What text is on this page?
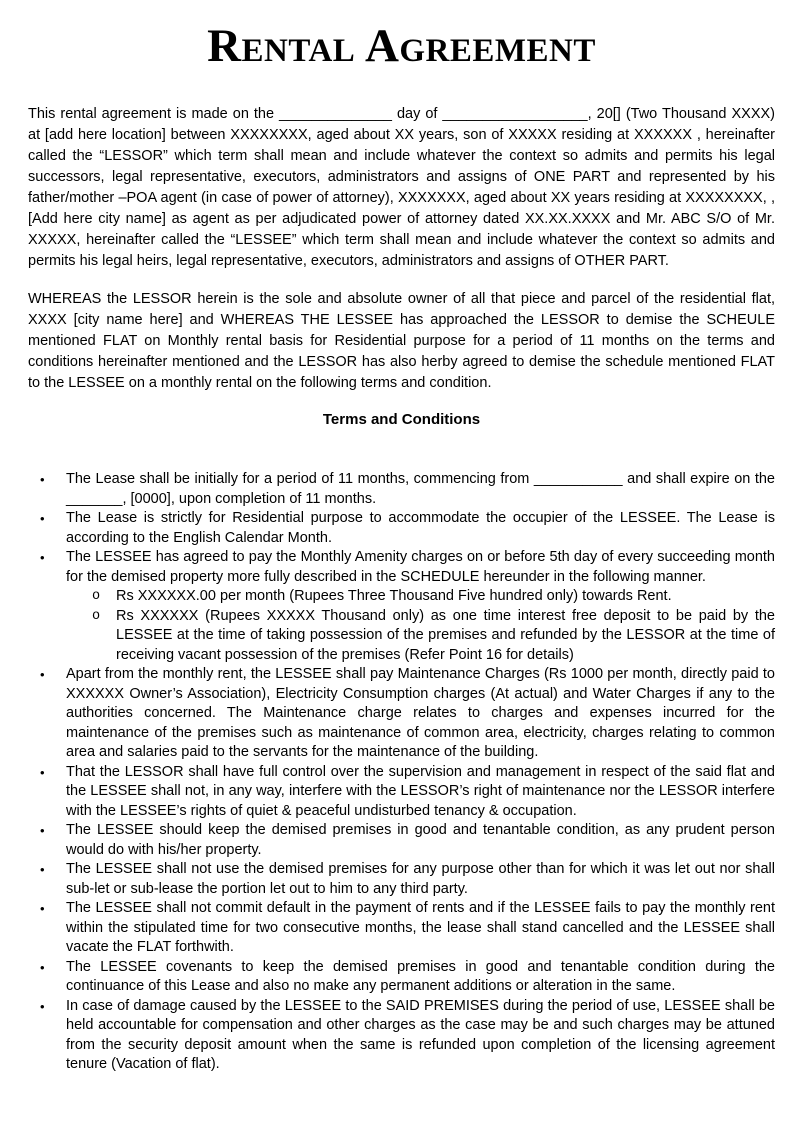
Rental Agreement

This rental agreement is made on the ______________ day of __________________, 20[] (Two Thousand XXXX) at [add here location] between XXXXXXXX, aged about XX years, son of XXXXX residing at XXXXXX , hereinafter called the “LESSOR” which term shall mean and include whatever the context so admits and permits his legal successors, legal representative, executors, administrators and assigns of ONE PART and represented by his father/mother –POA agent (in case of power of attorney), XXXXXXX, aged about XX years residing at XXXXXXXX, , [Add here city name] as agent as per adjudicated power of attorney dated XX.XX.XXXX and Mr. ABC S/O of Mr. XXXXX, hereinafter called the “LESSEE” which term shall mean and include whatever the context so admits and permits his legal heirs, legal representative, executors, administrators and assigns of OTHER PART.

WHEREAS the LESSOR herein is the sole and absolute owner of all that piece and parcel of the residential flat, XXXX [city name here] and WHEREAS THE LESSEE has approached the LESSOR to demise the SCHEULE mentioned FLAT on Monthly rental basis for Residential purpose for a period of 11 months on the terms and conditions hereinafter mentioned and the LESSOR has also herby agreed to demise the schedule mentioned FLAT to the LESSEE on a monthly rental on the following terms and condition.

Terms and Conditions
•	The Lease shall be initially for a period of 11 months, commencing from ___________ and shall expire on the _______, [0000], upon completion of 11 months.
•	The Lease is strictly for Residential purpose to accommodate the occupier of the LESSEE. The Lease is according to the English Calendar Month.
•	The LESSEE has agreed to pay the Monthly Amenity charges on or before 5th day of every succeeding month for the demised property more fully described in the SCHEDULE hereunder in the following manner.
o	Rs XXXXXX.00 per month (Rupees Three Thousand Five hundred only) towards Rent.
o	Rs XXXXXX (Rupees XXXXX Thousand only) as one time interest free deposit to be paid by the LESSEE at the time of taking possession of the premises and refunded by the LESSOR at the time of receiving vacant possession of the premises (Refer Point 16 for details)
•	Apart from the monthly rent, the LESSEE shall pay Maintenance Charges (Rs 1000 per month, directly paid to XXXXXX Owner’s Association), Electricity Consumption charges (At actual) and Water Charges if any to the authorities concerned. The Maintenance charge relates to charges and expenses incurred for the maintenance of the premises such as maintenance of common area, electricity, charges relating to common area and salaries paid to the servants for the maintenance of the building.
•	That the LESSOR shall have full control over the supervision and management in respect of the said flat and the LESSEE shall not, in any way, interfere with the LESSOR’s right of maintenance nor the LESSOR interfere with the LESSEE’s rights of quiet & peaceful undisturbed tenancy & occupation.
•	The LESSEE should keep the demised premises in good and tenantable condition, as any prudent person would do with his/her property.
•	The LESSEE shall not use the demised premises for any purpose other than for which it was let out nor shall sub-let or sub-lease the portion let out to him to any third party.
•	The LESSEE shall not commit default in the payment of rents and if the LESSEE fails to pay the monthly rent within the stipulated time for two consecutive months, the lease shall stand cancelled and the LESSEE shall vacate the FLAT forthwith.
•	The LESSEE covenants to keep the demised premises in good and tenantable condition during the continuance of this Lease and also no make any permanent additions or alteration in the same.
•	In case of damage caused by the LESSEE to the SAID PREMISES during the period of use, LESSEE shall be held accountable for compensation and other charges as the case may be and such charges may be attuned from the security deposit amount when the same is refunded upon completion of the licensing agreement tenure (Vacation of flat).
